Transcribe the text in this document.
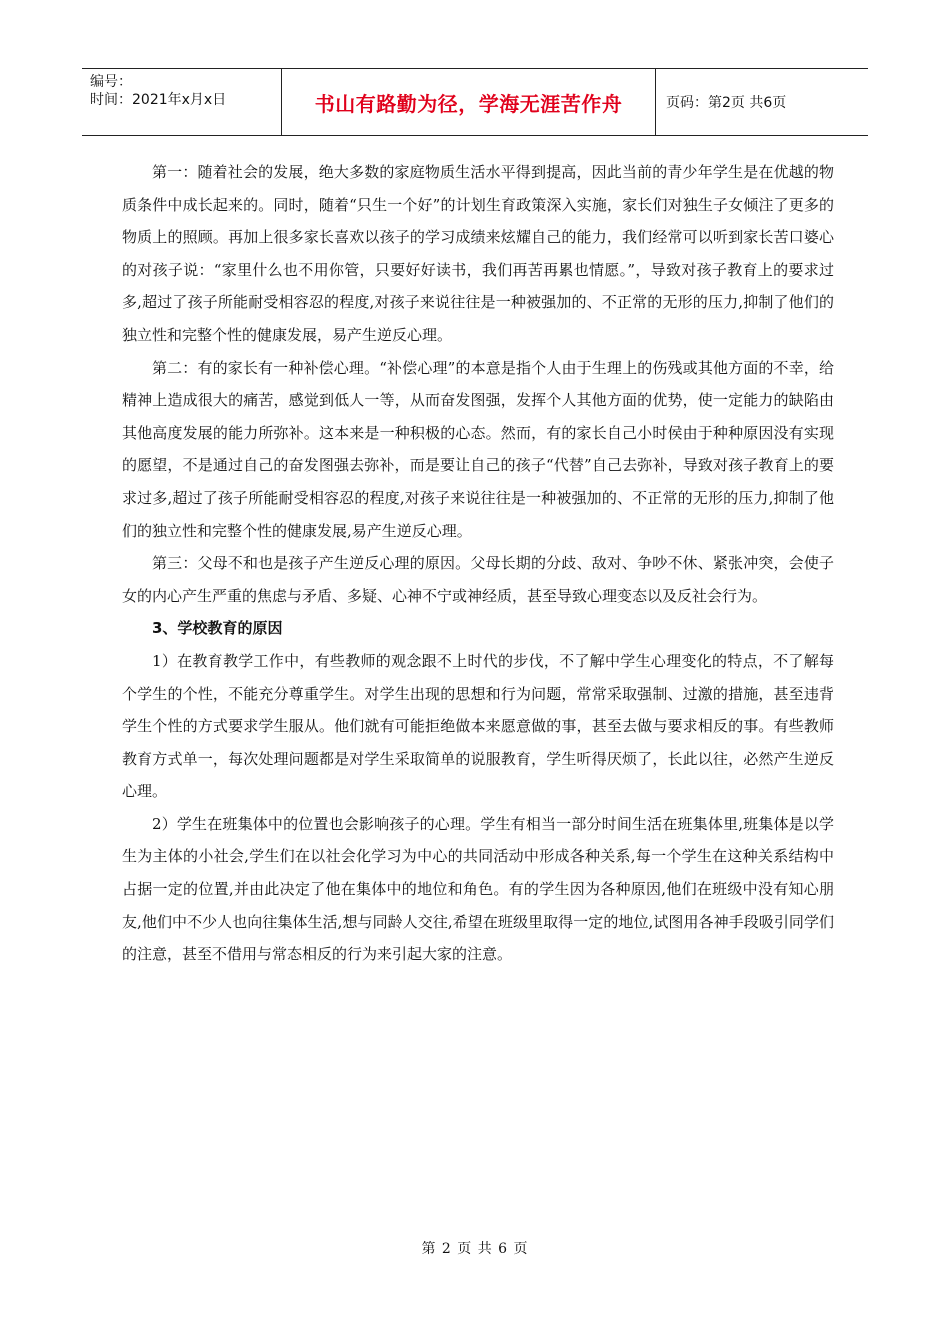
编号：
时间：2021年x月x日	书山有路勤为径，学海无涯苦作舟	页码：第2页 共6页

第一：随着社会的发展，绝大多数的家庭物质生活水平得到提高，因此当前的青少年学生是在优越的物质条件中成长起来的。同时，随着“只生一个好”的计划生育政策深入实施，家长们对独生子女倾注了更多的物质上的照顾。再加上很多家长喜欢以孩子的学习成绩来炫耀自己的能力，我们经常可以听到家长苦口婆心的对孩子说：“家里什么也不用你管，只要好好读书，我们再苦再累也情愿。”，导致对孩子教育上的要求过多,超过了孩子所能耐受相容忍的程度,对孩子来说往往是一种被强加的、不正常的无形的压力,抑制了他们的独立性和完整个性的健康发展，易产生逆反心理。

第二：有的家长有一种补偿心理。“补偿心理”的本意是指个人由于生理上的伤残或其他方面的不幸，给精神上造成很大的痛苦，感觉到低人一等，从而奋发图强，发挥个人其他方面的优势，使一定能力的缺陷由其他高度发展的能力所弥补。这本来是一种积极的心态。然而，有的家长自己小时侯由于种种原因没有实现的愿望，不是通过自己的奋发图强去弥补，而是要让自己的孩子“代替”自己去弥补，导致对孩子教育上的要求过多,超过了孩子所能耐受相容忍的程度,对孩子来说往往是一种被强加的、不正常的无形的压力,抑制了他们的独立性和完整个性的健康发展,易产生逆反心理。

第三：父母不和也是孩子产生逆反心理的原因。父母长期的分歧、敌对、争吵不休、紧张冲突，会使子女的内心产生严重的焦虑与矛盾、多疑、心神不宁或神经质，甚至导致心理变态以及反社会行为。

3、学校教育的原因

1）在教育教学工作中，有些教师的观念跟不上时代的步伐，不了解中学生心理变化的特点，不了解每个学生的个性，不能充分尊重学生。对学生出现的思想和行为问题，常常采取强制、过激的措施，甚至违背学生个性的方式要求学生服从。他们就有可能拒绝做本来愿意做的事，甚至去做与要求相反的事。有些教师教育方式单一，每次处理问题都是对学生采取简单的说服教育，学生听得厌烦了，长此以往，必然产生逆反心理。

2）学生在班集体中的位置也会影响孩子的心理。学生有相当一部分时间生活在班集体里,班集体是以学生为主体的小社会,学生们在以社会化学习为中心的共同活动中形成各种关系,每一个学生在这种关系结构中占据一定的位置,并由此决定了他在集体中的地位和角色。有的学生因为各种原因,他们在班级中没有知心朋友,他们中不少人也向往集体生活,想与同龄人交往,希望在班级里取得一定的地位,试图用各神手段吸引同学们的注意，甚至不借用与常态相反的行为来引起大家的注意。

第 2 页 共 6 页
